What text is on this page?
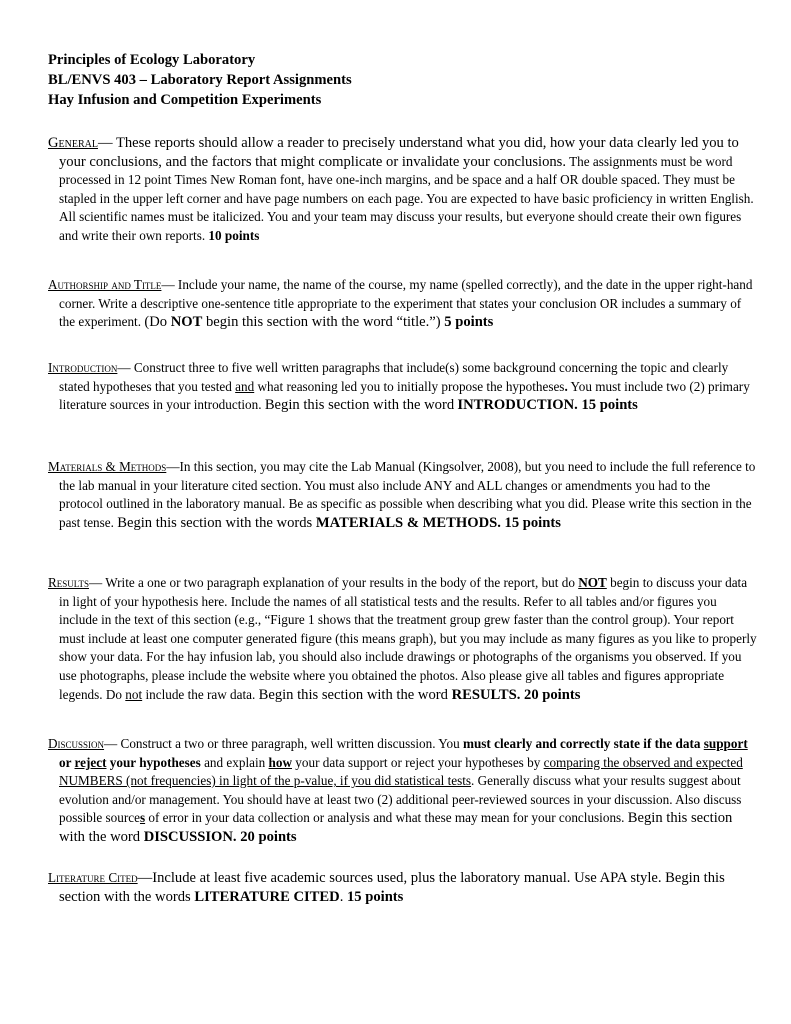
Principles of Ecology Laboratory
BL/ENVS 403 – Laboratory Report Assignments
Hay Infusion and Competition Experiments
General— These reports should allow a reader to precisely understand what you did, how your data clearly led you to your conclusions, and the factors that might complicate or invalidate your conclusions. The assignments must be word processed in 12 point Times New Roman font, have one-inch margins, and be space and a half OR double spaced. They must be stapled in the upper left corner and have page numbers on each page. You are expected to have basic proficiency in written English. All scientific names must be italicized. You and your team may discuss your results, but everyone should create their own figures and write their own reports. 10 points
Authorship and Title— Include your name, the name of the course, my name (spelled correctly), and the date in the upper right-hand corner. Write a descriptive one-sentence title appropriate to the experiment that states your conclusion OR includes a summary of the experiment. (Do NOT begin this section with the word “title.”) 5 points
Introduction— Construct three to five well written paragraphs that include(s) some background concerning the topic and clearly stated hypotheses that you tested and what reasoning led you to initially propose the hypotheses. You must include two (2) primary literature sources in your introduction. Begin this section with the word INTRODUCTION. 15 points
Materials & Methods—In this section, you may cite the Lab Manual (Kingsolver, 2008), but you need to include the full reference to the lab manual in your literature cited section. You must also include ANY and ALL changes or amendments you had to the protocol outlined in the laboratory manual. Be as specific as possible when describing what you did. Please write this section in the past tense. Begin this section with the words MATERIALS & METHODS. 15 points
Results— Write a one or two paragraph explanation of your results in the body of the report, but do NOT begin to discuss your data in light of your hypothesis here. Include the names of all statistical tests and the results. Refer to all tables and/or figures you include in the text of this section (e.g., “Figure 1 shows that the treatment group grew faster than the control group). Your report must include at least one computer generated figure (this means graph), but you may include as many figures as you like to properly show your data. For the hay infusion lab, you should also include drawings or photographs of the organisms you observed. If you use photographs, please include the website where you obtained the photos. Also please give all tables and figures appropriate legends. Do not include the raw data. Begin this section with the word RESULTS. 20 points
Discussion— Construct a two or three paragraph, well written discussion. You must clearly and correctly state if the data support or reject your hypotheses and explain how your data support or reject your hypotheses by comparing the observed and expected NUMBERS (not frequencies) in light of the p-value, if you did statistical tests. Generally discuss what your results suggest about evolution and/or management. You should have at least two (2) additional peer-reviewed sources in your discussion. Also discuss possible sources of error in your data collection or analysis and what these may mean for your conclusions. Begin this section with the word DISCUSSION. 20 points
Literature Cited—Include at least five academic sources used, plus the laboratory manual. Use APA style. Begin this section with the words LITERATURE CITED. 15 points
